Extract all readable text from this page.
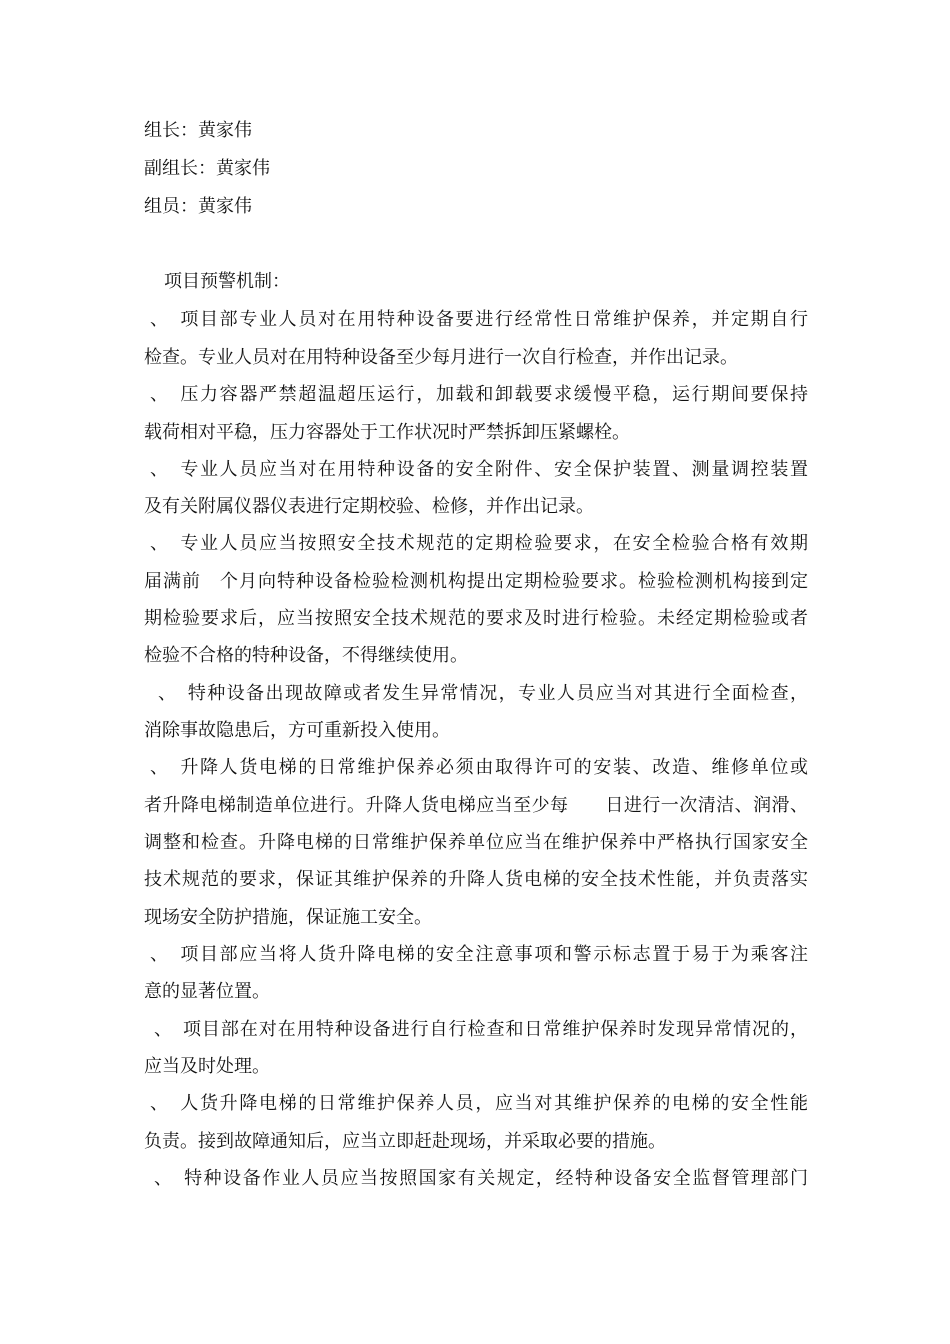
组长：黄家伟
副组长：黄家伟
组员：黄家伟
项目预警机制：
、　项目部专业人员对在用特种设备要进行经常性日常维护保养，并定期自行
检查。专业人员对在用特种设备至少每月进行一次自行检查，并作出记录。
、　压力容器严禁超温超压运行，加载和卸载要求缓慢平稳，运行期间要保持
载荷相对平稳，压力容器处于工作状况时严禁拆卸压紧螺栓。
、　专业人员应当对在用特种设备的安全附件、安全保护装置、测量调控装置
及有关附属仪器仪表进行定期校验、检修，并作出记录。
、　专业人员应当按照安全技术规范的定期检验要求，在安全检验合格有效期
届满前　个月向特种设备检验检测机构提出定期检验要求。检验检测机构接到定
期检验要求后，应当按照安全技术规范的要求及时进行检验。未经定期检验或者
检验不合格的特种设备，不得继续使用。
、　特种设备出现故障或者发生异常情况，专业人员应当对其进行全面检查，
消除事故隐患后，方可重新投入使用。
、　升降人货电梯的日常维护保养必须由取得许可的安装、改造、维修单位或
者升降电梯制造单位进行。升降人货电梯应当至少每　　日进行一次清洁、润滑、
调整和检查。升降电梯的日常维护保养单位应当在维护保养中严格执行国家安全
技术规范的要求，保证其维护保养的升降人货电梯的安全技术性能，并负责落实
现场安全防护措施，保证施工安全。
、　项目部应当将人货升降电梯的安全注意事项和警示标志置于易于为乘客注
意的显著位置。
、　项目部在对在用特种设备进行自行检查和日常维护保养时发现异常情况的，
应当及时处理。
、　人货升降电梯的日常维护保养人员，应当对其维护保养的电梯的安全性能
负责。接到故障通知后，应当立即赶赴现场，并采取必要的措施。
、　特种设备作业人员应当按照国家有关规定，经特种设备安全监督管理部门
